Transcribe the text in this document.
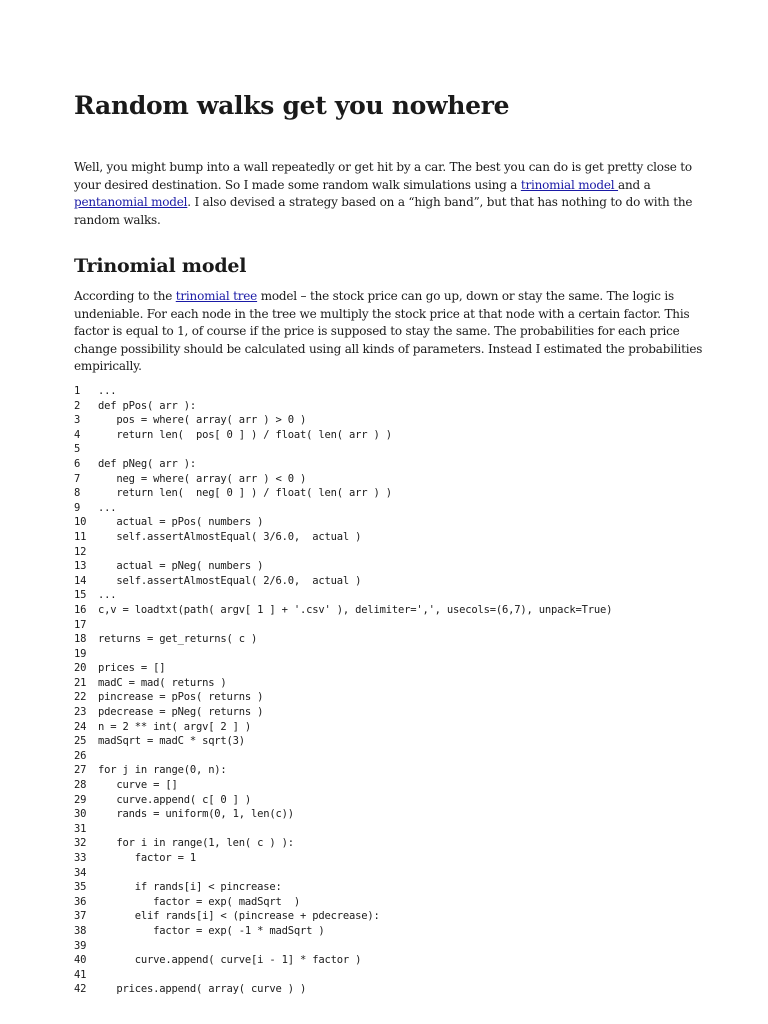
Random walks get you nowhere

Well, you might bump into a wall repeatedly or get hit by a car. The best you can do is get pretty close to your desired destination. So I made some random walk simulations using a trinomial model and a pentanomial model. I also devised a strategy based on a “high band”, but that has nothing to do with the random walks.

Trinomial model

According to the trinomial tree model – the stock price can go up, down or stay the same. The logic is undeniable. For each node in the tree we multiply the stock price at that node with a certain factor. This factor is equal to 1, of course if the price is supposed to stay the same. The probabilities for each price change possibility should be calculated using all kinds of parameters. Instead I estimated the probabilities empirically.

1 ...
2 def pPos( arr ):
3   pos = where( array( arr ) > 0 )
4   return len(  pos[ 0 ] ) / float( len( arr ) )
5
6 def pNeg( arr ):
7   neg = where( array( arr ) < 0 )
8   return len(  neg[ 0 ] ) / float( len( arr ) )
9 ...
10   actual = pPos( numbers )
11   self.assertAlmostEqual( 3/6.0,  actual )
12
13   actual = pNeg( numbers )
14   self.assertAlmostEqual( 2/6.0,  actual )
15 ...
16 c,v = loadtxt(path( argv[ 1 ] + '.csv' ), delimiter=',', usecols=(6,7), unpack=True)
17
18 returns = get_returns( c )
19
20 prices = []
21 madC = mad( returns )
22 pincrease = pPos( returns )
23 pdecrease = pNeg( returns )
24 n = 2 ** int( argv[ 2 ] )
25 madSqrt = madC * sqrt(3)
26
27 for j in range(0, n):
28   curve = []
29   curve.append( c[ 0 ] )
30   rands = uniform(0, 1, len(c))
31
32   for i in range(1, len( c ) ):
33      factor = 1
34
35      if rands[i] < pincrease:
36         factor = exp( madSqrt  )
37      elif rands[i] < (pincrease + pdecrease):
38         factor = exp( -1 * madSqrt )
39
40      curve.append( curve[i - 1] * factor )
41
42   prices.append( array( curve ) )
